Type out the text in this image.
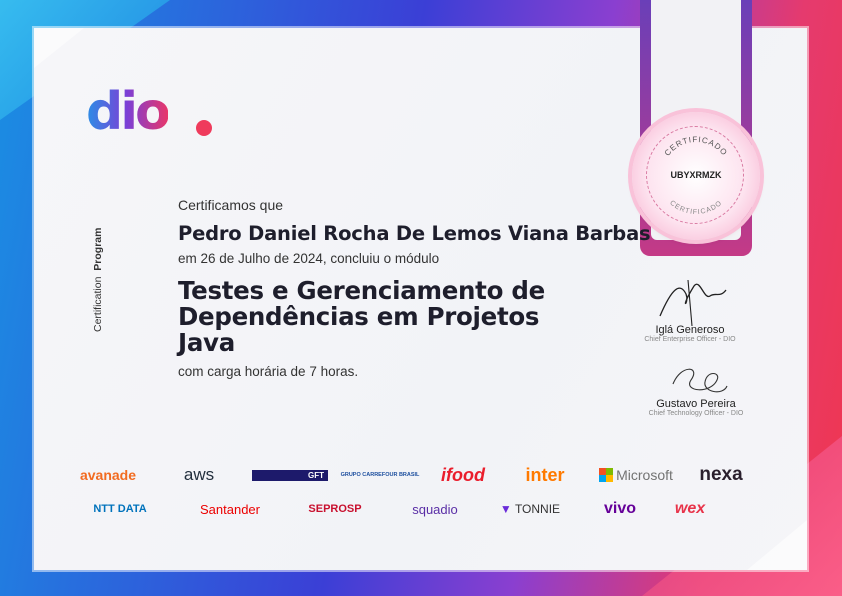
dio
Certification  Program
Certificamos que
Pedro Daniel Rocha De Lemos Viana Barbas
em 26 de Julho de 2024, concluiu o módulo
Testes e Gerenciamento de Dependências em Projetos Java
com carga horária de 7 horas.
CERTIFICADO
CERTIFICADO
UBYXRMZK
Iglá Generoso
Chief Enterprise Officer - DIO
Gustavo Pereira
Chief Technology Officer - DIO
avanade	aws	GFT	GRUPO CARREFOUR BRASIL	ifood	inter	Microsoft	nexa
NTT DATA	Santander	SEPROSP	squadio	▼ TONNIE	vivo	wex
